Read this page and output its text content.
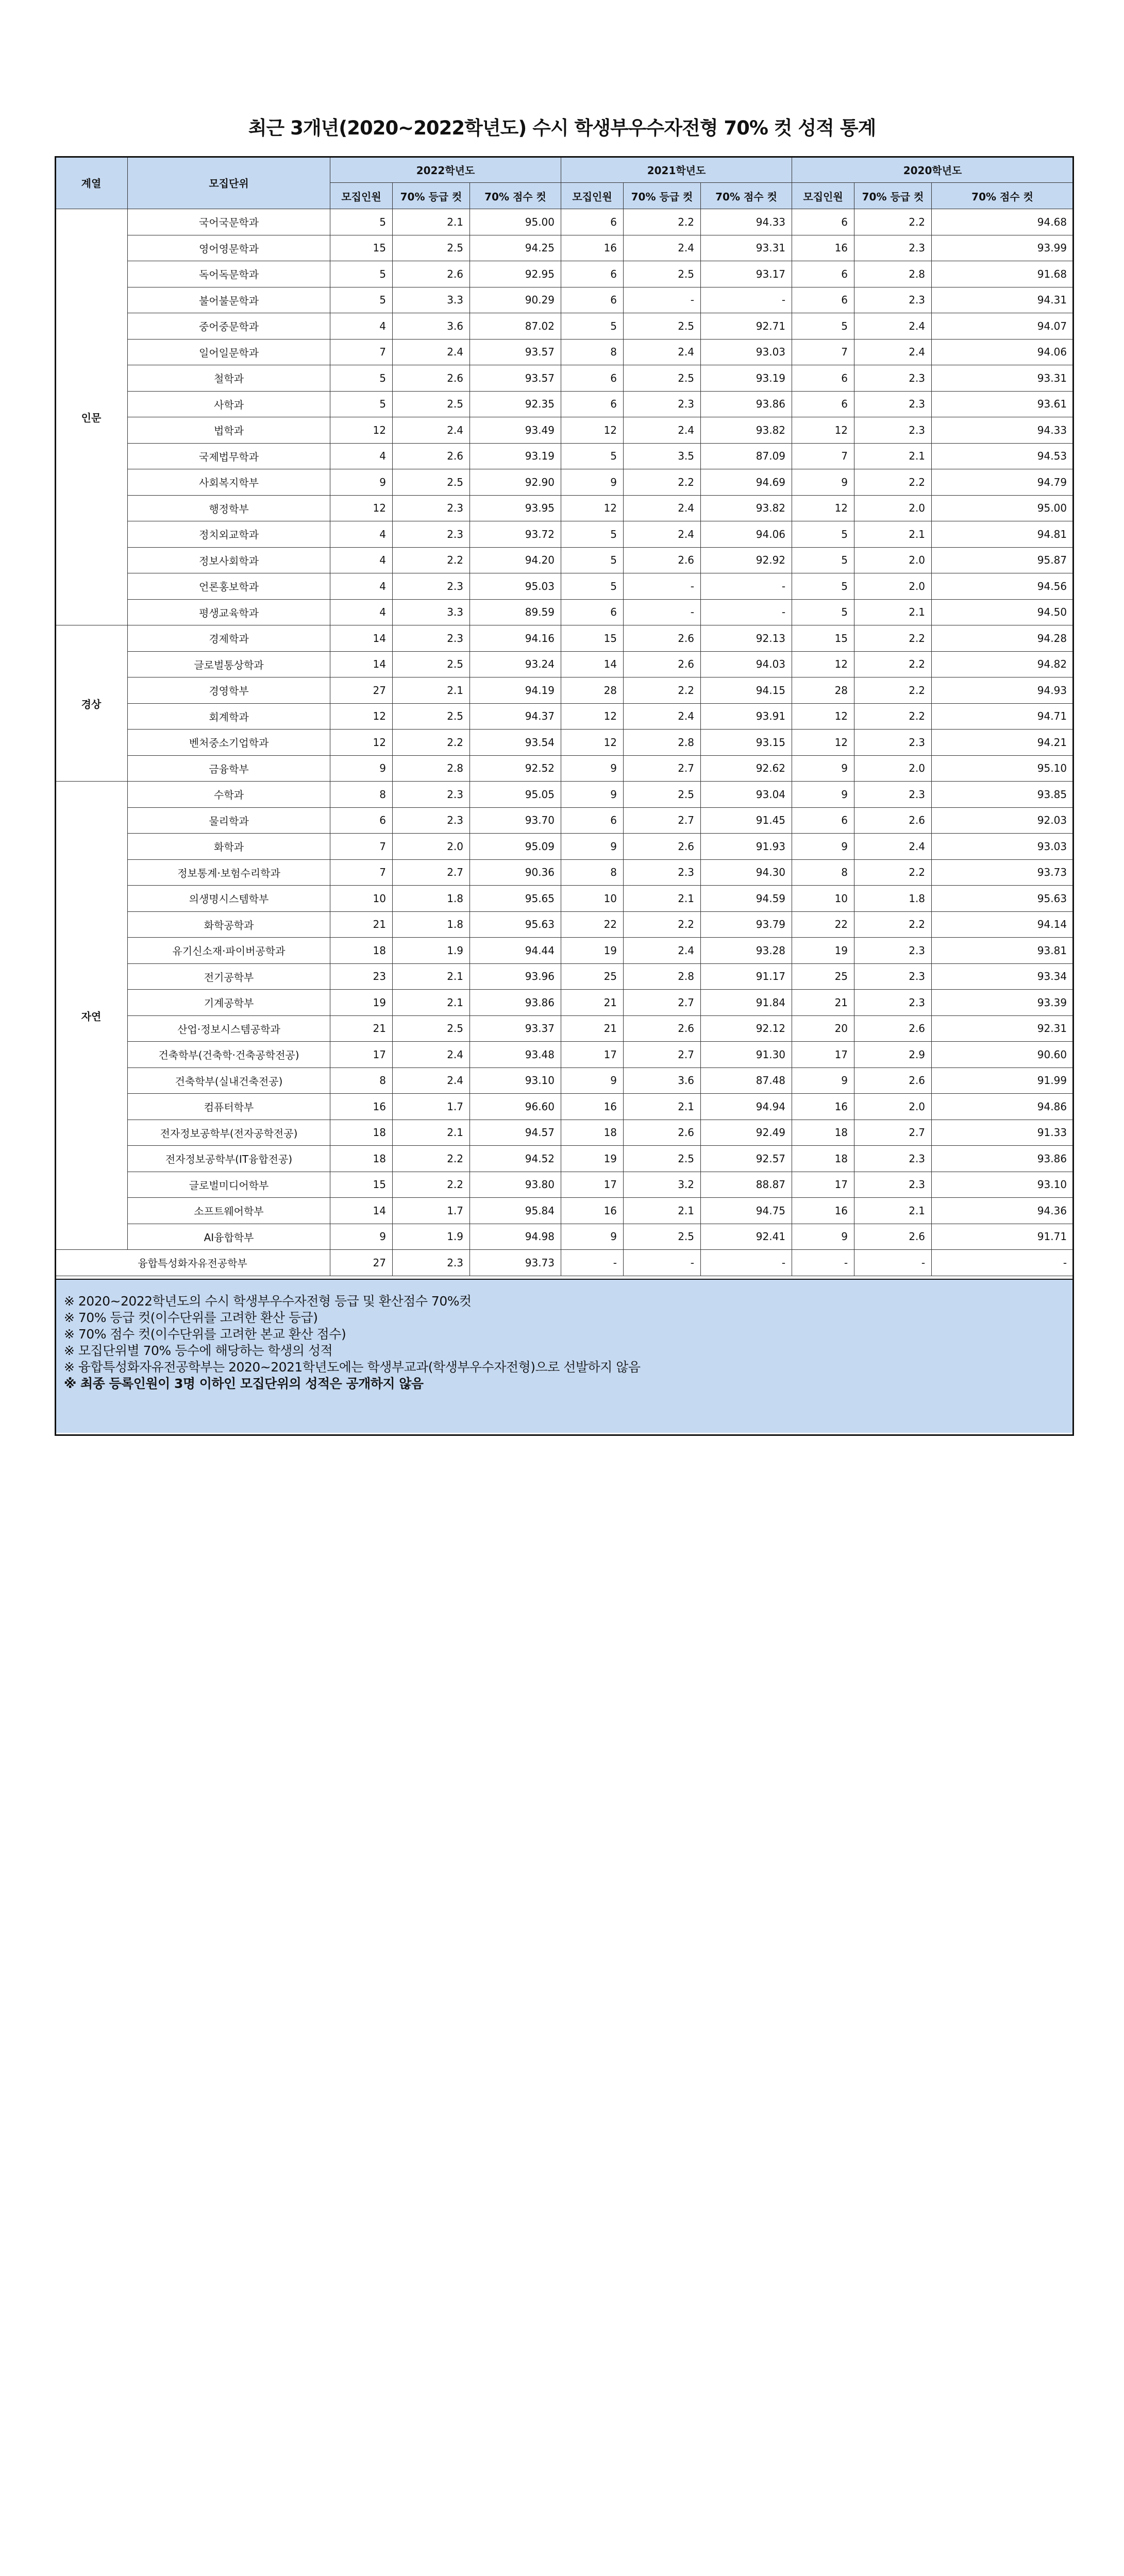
최근 3개년(2020~2022학년도) 수시 학생부우수자전형 70% 컷 성적 통계
계열	모집단위	2022학년도			2021학년도			2020학년도		
		모집인원	70% 등급 컷	70% 점수 컷	모집인원	70% 등급 컷	70% 점수 컷	모집인원	70% 등급 컷	70% 점수 컷
인문	국어국문학과	5	2.1	95.00	6	2.2	94.33	6	2.2	94.68
	영어영문학과	15	2.5	94.25	16	2.4	93.31	16	2.3	93.99
	독어독문학과	5	2.6	92.95	6	2.5	93.17	6	2.8	91.68
	불어불문학과	5	3.3	90.29	6	-	-	6	2.3	94.31
	중어중문학과	4	3.6	87.02	5	2.5	92.71	5	2.4	94.07
	일어일문학과	7	2.4	93.57	8	2.4	93.03	7	2.4	94.06
	철학과	5	2.6	93.57	6	2.5	93.19	6	2.3	93.31
	사학과	5	2.5	92.35	6	2.3	93.86	6	2.3	93.61
	법학과	12	2.4	93.49	12	2.4	93.82	12	2.3	94.33
	국제법무학과	4	2.6	93.19	5	3.5	87.09	7	2.1	94.53
	사회복지학부	9	2.5	92.90	9	2.2	94.69	9	2.2	94.79
	행정학부	12	2.3	93.95	12	2.4	93.82	12	2.0	95.00
	정치외교학과	4	2.3	93.72	5	2.4	94.06	5	2.1	94.81
	정보사회학과	4	2.2	94.20	5	2.6	92.92	5	2.0	95.87
	언론홍보학과	4	2.3	95.03	5	-	-	5	2.0	94.56
	평생교육학과	4	3.3	89.59	6	-	-	5	2.1	94.50
경상	경제학과	14	2.3	94.16	15	2.6	92.13	15	2.2	94.28
	글로벌통상학과	14	2.5	93.24	14	2.6	94.03	12	2.2	94.82
	경영학부	27	2.1	94.19	28	2.2	94.15	28	2.2	94.93
	회계학과	12	2.5	94.37	12	2.4	93.91	12	2.2	94.71
	벤처중소기업학과	12	2.2	93.54	12	2.8	93.15	12	2.3	94.21
	금융학부	9	2.8	92.52	9	2.7	92.62	9	2.0	95.10
자연	수학과	8	2.3	95.05	9	2.5	93.04	9	2.3	93.85
	물리학과	6	2.3	93.70	6	2.7	91.45	6	2.6	92.03
	화학과	7	2.0	95.09	9	2.6	91.93	9	2.4	93.03
	정보통계·보험수리학과	7	2.7	90.36	8	2.3	94.30	8	2.2	93.73
	의생명시스템학부	10	1.8	95.65	10	2.1	94.59	10	1.8	95.63
	화학공학과	21	1.8	95.63	22	2.2	93.79	22	2.2	94.14
	유기신소재·파이버공학과	18	1.9	94.44	19	2.4	93.28	19	2.3	93.81
	전기공학부	23	2.1	93.96	25	2.8	91.17	25	2.3	93.34
	기계공학부	19	2.1	93.86	21	2.7	91.84	21	2.3	93.39
	산업·정보시스템공학과	21	2.5	93.37	21	2.6	92.12	20	2.6	92.31
	건축학부(건축학·건축공학전공)	17	2.4	93.48	17	2.7	91.30	17	2.9	90.60
	건축학부(실내건축전공)	8	2.4	93.10	9	3.6	87.48	9	2.6	91.99
	컴퓨터학부	16	1.7	96.60	16	2.1	94.94	16	2.0	94.86
	전자정보공학부(전자공학전공)	18	2.1	94.57	18	2.6	92.49	18	2.7	91.33
	전자정보공학부(IT융합전공)	18	2.2	94.52	19	2.5	92.57	18	2.3	93.86
	글로벌미디어학부	15	2.2	93.80	17	3.2	88.87	17	2.3	93.10
	소프트웨어학부	14	1.7	95.84	16	2.1	94.75	16	2.1	94.36
	AI융합학부	9	1.9	94.98	9	2.5	92.41	9	2.6	91.71
융합특성화자유전공학부		27	2.3	93.73	-	-	-	-	-	-
※ 2020~2022학년도의 수시 학생부우수자전형 등급 및 환산점수 70%컷
※ 70% 등급 컷(이수단위를 고려한 환산 등급)
※ 70% 점수 컷(이수단위를 고려한 본교 환산 점수)
※ 모집단위별 70% 등수에 해당하는 학생의 성적
※ 융합특성화자유전공학부는 2020~2021학년도에는 학생부교과(학생부우수자전형)으로 선발하지 않음
※ 최종 등록인원이 3명 이하인 모집단위의 성적은 공개하지 않음
